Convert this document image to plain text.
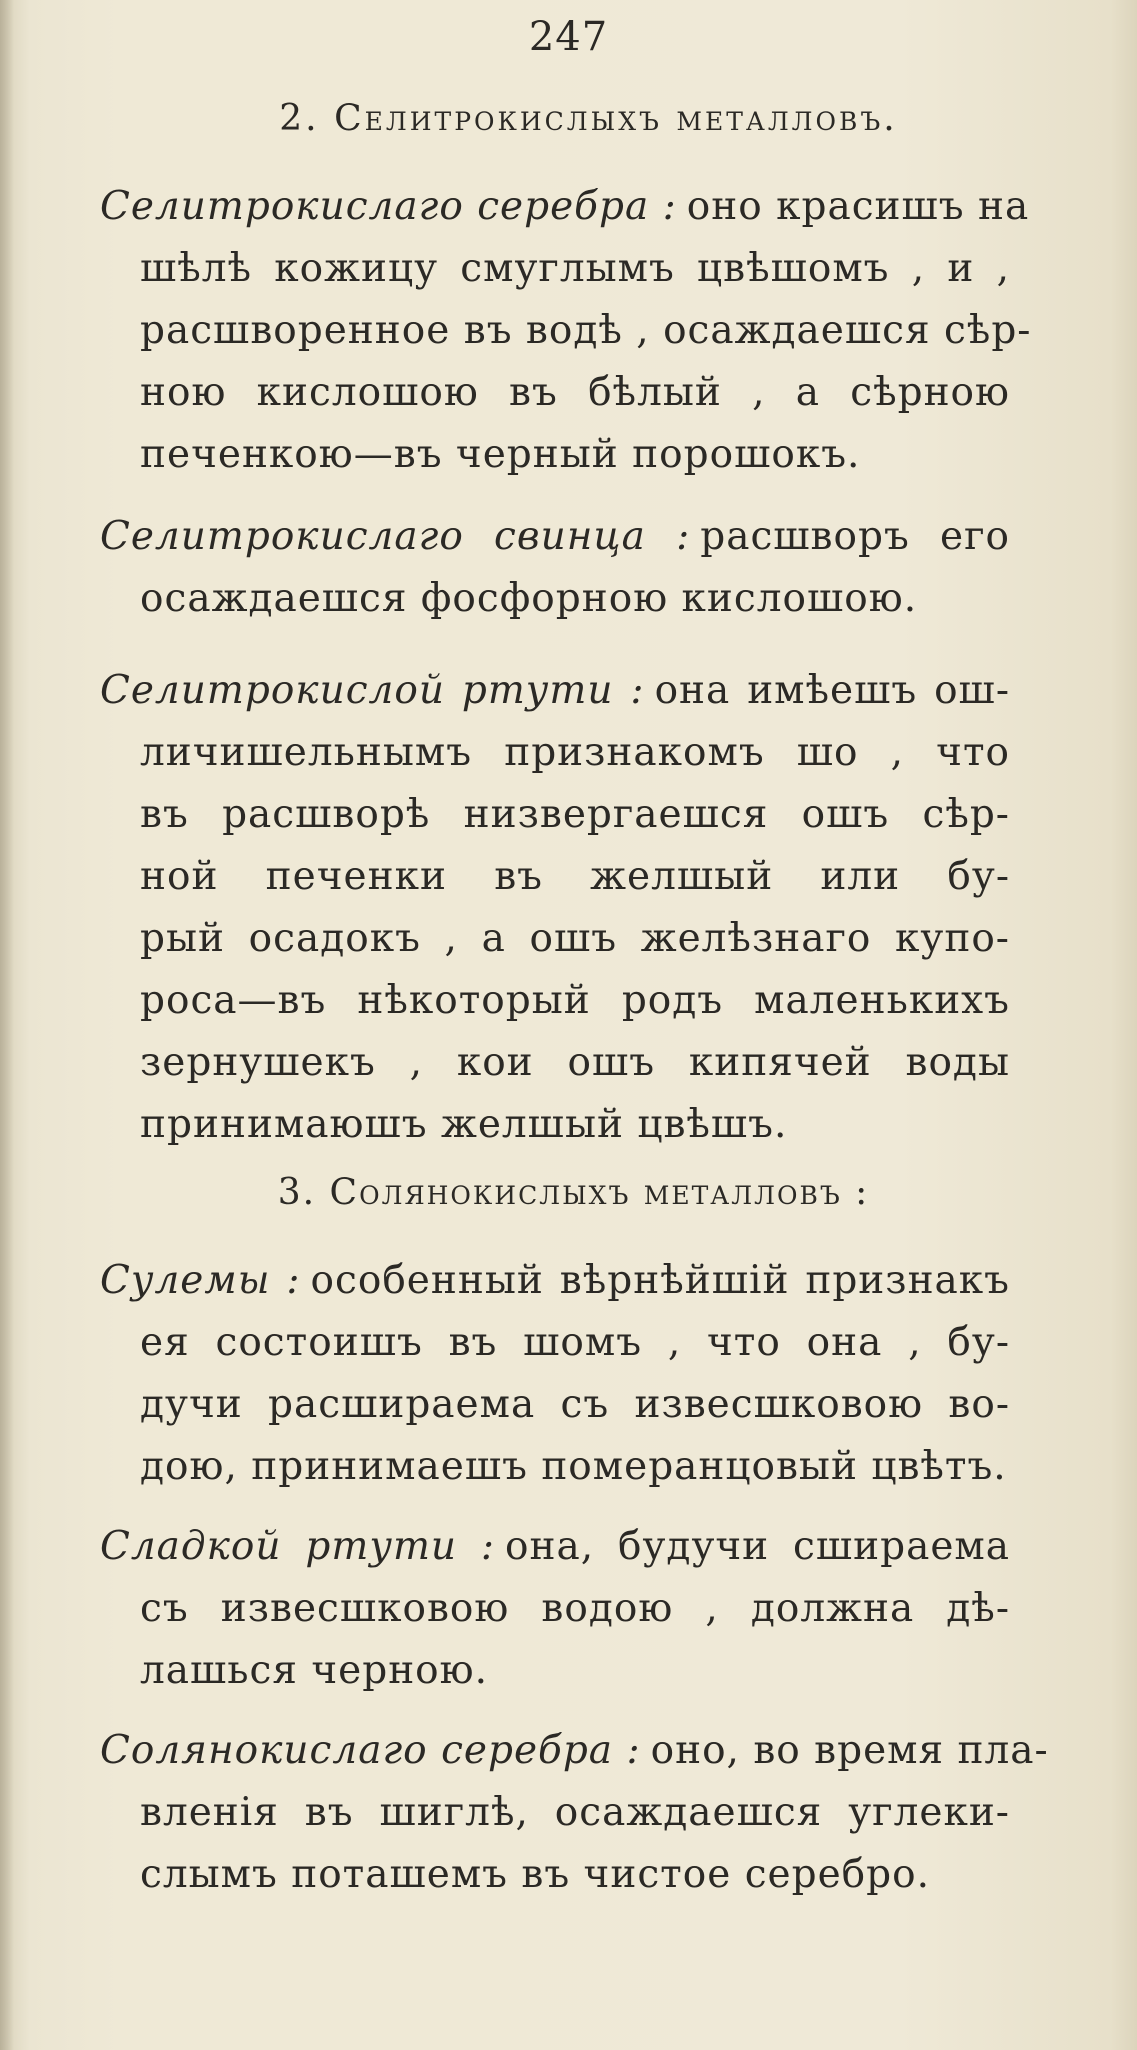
247
2. Селитрокислыхъ металловъ.
Селитрокислаго серебра : оно красишъ на
шѣлѣ кожицу смуглымъ цвѣшомъ , и ,
расшворенное въ водѣ , осаждаешся сѣр-
ною кислошою въ бѣлый , а сѣрною
печенкою—въ черный порошокъ.
Селитрокислаго свинца : расшворъ его
осаждаешся фосфорною кислошою.
Селитрокислой ртути : она имѣешъ ош-
личишельнымъ признакомъ шо , что
въ расшворѣ низвергаешся ошъ сѣр-
ной печенки въ желшый или бу-
рый осадокъ , а ошъ желѣзнаго купо-
роса—въ нѣкоторый родъ маленькихъ
зернушекъ , кои ошъ кипячей воды
принимаюшъ желшый цвѣшъ.
3. Солянокислыхъ металловъ :
Сулемы : особенный вѣрнѣйшій признакъ
ея состоишъ въ шомъ , что она , бу-
дучи расшираема съ извесшковою во-
дою, принимаешъ померанцовый цвѣтъ.
Сладкой ртути : она, будучи сшираема
съ извесшковою водою , должна дѣ-
лашься черною.
Солянокислаго серебра : оно, во время пла-
вленія въ шиглѣ, осаждаешся углеки-
слымъ поташемъ въ чистое серебро.
